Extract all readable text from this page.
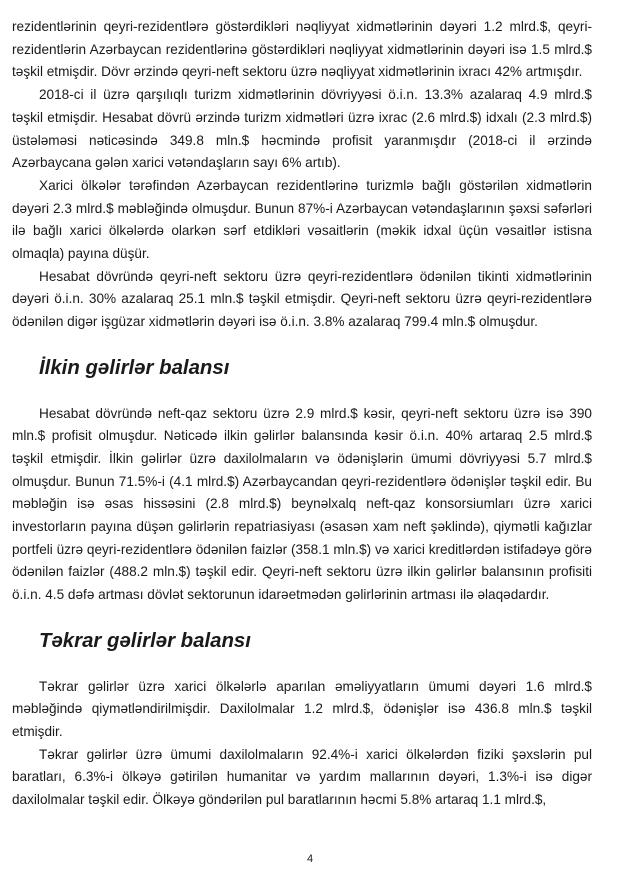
rezidentlərinin qeyri-rezidentlərə göstərdikləri nəqliyyat xidmətlərinin dəyəri 1.2 mlrd.$, qeyri-rezidentlərin Azərbaycan rezidentlərinə göstərdikləri nəqliyyat xidmətlərinin dəyəri isə 1.5 mlrd.$ təşkil etmişdir. Dövr ərzində qeyri-neft sektoru üzrə nəqliyyat xidmətlərinin ixracı 42% artmışdır.

2018-ci il üzrə qarşılıqlı turizm xidmətlərinin dövriyyəsi ö.i.n. 13.3% azalaraq 4.9 mlrd.$ təşkil etmişdir. Hesabat dövrü ərzində turizm xidmətləri üzrə ixrac (2.6 mlrd.$) idxalı (2.3 mlrd.$) üstələməsi nəticəsində 349.8 mln.$ həcmində profisit yaranmışdır (2018-ci il ərzində Azərbaycana gələn xarici vətəndaşların sayı 6% artıb).

Xarici ölkələr tərəfindən Azərbaycan rezidentlərinə turizmlə bağlı göstərilən xidmətlərin dəyəri 2.3 mlrd.$ məbləğində olmuşdur. Bunun 87%-i Azərbaycan vətəndaşlarının şəxsi səfərləri ilə bağlı xarici ölkələrdə olarkən sərf etdikləri vəsaitlərin (məkik idxal üçün vəsaitlər istisna olmaqla) payına düşür.

Hesabat dövründə qeyri-neft sektoru üzrə qeyri-rezidentlərə ödənilən tikinti xidmətlərinin dəyəri ö.i.n. 30% azalaraq 25.1 mln.$ təşkil etmişdir. Qeyri-neft sektoru üzrə qeyri-rezidentlərə ödənilən digər işgüzar xidmətlərin dəyəri isə ö.i.n. 3.8% azalaraq 799.4 mln.$ olmuşdur.

İlkin gəlirlər balansı

Hesabat dövründə neft-qaz sektoru üzrə 2.9 mlrd.$ kəsir, qeyri-neft sektoru üzrə isə 390 mln.$ profisit olmuşdur. Nəticədə ilkin gəlirlər balansında kəsir ö.i.n. 40% artaraq 2.5 mlrd.$ təşkil etmişdir. İlkin gəlirlər üzrə daxilolmaların və ödənişlərin ümumi dövriyyəsi 5.7 mlrd.$ olmuşdur. Bunun 71.5%-i (4.1 mlrd.$) Azərbaycandan qeyri-rezidentlərə ödənişlər təşkil edir. Bu məbləğin isə əsas hissəsini (2.8 mlrd.$) beynəlxalq neft-qaz konsorsiumları üzrə xarici investorların payına düşən gəlirlərin repatriasiyası (əsasən xam neft şəklində), qiymətli kağızlar portfeli üzrə qeyri-rezidentlərə ödənilən faizlər (358.1 mln.$) və xarici kreditlərdən istifadəyə görə ödənilən faizlər (488.2 mln.$) təşkil edir. Qeyri-neft sektoru üzrə ilkin gəlirlər balansının profisiti ö.i.n. 4.5 dəfə artması dövlət sektorunun idarəetmədən gəlirlərinin artması ilə əlaqədardır.

Təkrar gəlirlər balansı

Təkrar gəlirlər üzrə xarici ölkələrlə aparılan əməliyyatların ümumi dəyəri 1.6 mlrd.$ məbləğində qiymətləndirilmişdir. Daxilolmalar 1.2 mlrd.$, ödənişlər isə 436.8 mln.$ təşkil etmişdir.

Təkrar gəlirlər üzrə ümumi daxilolmaların 92.4%-i xarici ölkələrdən fiziki şəxslərin pul baratları, 6.3%-i ölkəyə gətirilən humanitar və yardım mallarının dəyəri, 1.3%-i isə digər daxilolmalar təşkil edir. Ölkəyə göndərilən pul baratlarının həcmi 5.8% artaraq 1.1 mlrd.$,

4
